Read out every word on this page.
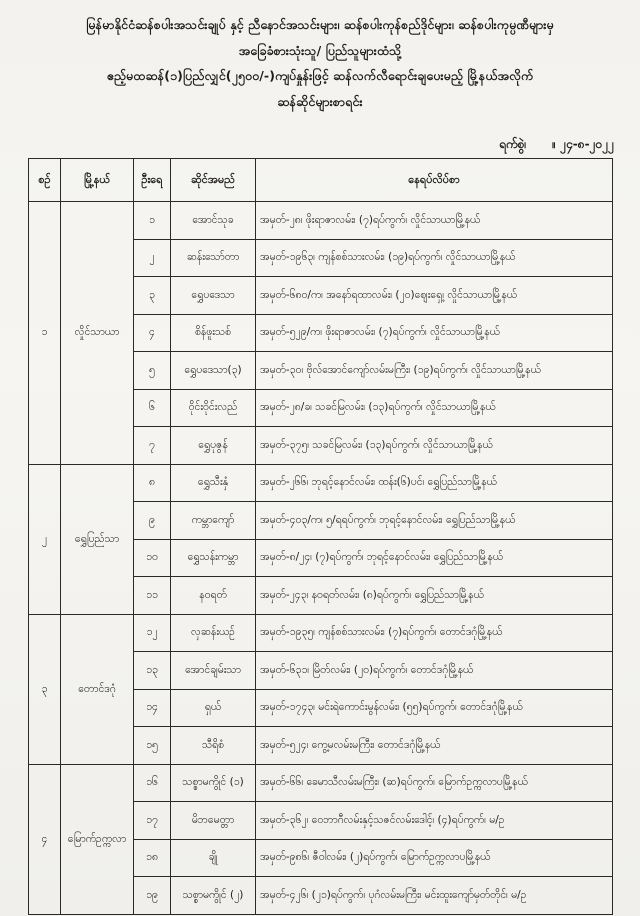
မြန်မာနိုင်ငံဆန်စပါးအသင်းချုပ် နှင့် ညီနောင်အသင်းများ၊ ဆန်စပါးကုန်စည်ဒိုင်များ၊ ဆန်စပါးကုမ္ပဏီများမှ
အခြေခံစားသုံးသူ/ ပြည်သူများထံသို့
ဧည့်မထဆန်(၁)ပြည်လျှင်(၂၅၀၀/-)ကျပ်နှုန်းဖြင့် ဆန်လက်လီရောင်းချပေးမည့် မြို့နယ်အလိုက်
ဆန်ဆိုင်များစာရင်း
ရက်စွဲ၊ ။ ၂၄-၈-၂၀၂၂
စဉ်	မြို့နယ်	ဦးရေ	ဆိုင်အမည်	နေရပ်လိပ်စာ
၁	လှိုင်သာယာ	၁	အောင်သုခ	အမှတ်-၂၈၊ ဖိုးရာဇာလမ်း၊ (၇)ရပ်ကွက်၊ လှိုင်သာယာမြို့နယ်
		၂	ဆန်းသော်တာ	အမှတ်-၁၉၆၃၊ ကျန်စစ်သားလမ်း၊ (၁၉)ရပ်ကွက်၊ လှိုင်သာယာမြို့နယ်
		၃	ရွှေပဒေသာ	အမှတ်-၆၈၀/က၊ အနော်ရထာလမ်း၊ (၂၀)ဈေးရှေ့၊ လှိုင်သာယာမြို့နယ်
		၄	စိန်ဖူးသစ်	အမှတ်-၅၂၉/က၊ ဖိုးရာဇာလမ်း၊ (၇)ရပ်ကွက်၊ လှိုင်သာယာမြို့နယ်
		၅	ရွှေပဒေသာ(၃)	အမှတ်-၃၀၊ ဗိုလ်အောင်ကျော်လမ်းမကြီး၊ (၁၉)ရပ်ကွက်၊ လှိုင်သာယာမြို့နယ်
		၆	ဝိုင်းဝိုင်းလည်	အမှတ်-၂၈/ခ၊ သခင်မြလမ်း၊ (၁၃)ရပ်ကွက်၊ လှိုင်သာယာမြို့နယ်
		၇	ရွှေပုဇွန်	အမှတ်-၃၇၅၊ သခင်မြလမ်း၊ (၁၃)ရပ်ကွက်၊ လှိုင်သာယာမြို့နယ်
၂	ရွှေပြည်သာ	၈	ရွှေသီးနှံ	အမှတ်-၂၆၆၊ ဘုရင့်နောင်လမ်း၊ ထန်း(၆)ပင်၊ ရွှေပြည်သာမြို့နယ်
		၉	ကမ္ဘာကျော်	အမှတ်-၄၀၃/က၊ ၅/ရရပ်ကွက်၊ ဘုရင့်နောင်လမ်း၊ ရွှေပြည်သာမြို့နယ်
		၁၀	ရွှေသန်းကမ္ဘာ	အမှတ်-၈/၂၄၊ (၇)ရပ်ကွက်၊ ဘုရင့်နောင်လမ်း၊ ရွှေပြည်သာမြို့နယ်
		၁၁	နဝရတ်	အမှတ်-၂၄၃၊ နဝရတ်လမ်း၊ (၈)ရပ်ကွက်၊ ရွှေပြည်သာမြို့နယ်
၃	တောင်ဒဂုံ	၁၂	လှဆန်းယဉ်	အမှတ်-၁၉၃၅၊ ကျန်စစ်သားလမ်း၊ (၇)ရပ်ကွက်၊ တောင်ဒဂုံမြို့နယ်
		၁၃	အောင်ချမ်းသာ	အမှတ်-၆၃၁၊ မြိတ်လမ်း၊ (၂၀)ရပ်ကွက်၊ တောင်ဒဂုံမြို့နယ်
		၁၄	ရှယ်	အမှတ်-၁၇၄၃၊ မင်းရဲကောင်းမွန်လမ်း၊ (၅၅)ရပ်ကွက်၊ တောင်ဒဂုံမြို့နယ်
		၁၅	သီရိစံ	အမှတ်-၅၂၄၊ ကွေ့မလမ်းမကြီး၊ တောင်ဒဂုံမြို့နယ်
၄	မြောက်ဥက္ကလာ	၁၆	သစ္စာမကွိုင် (၁)	အမှတ်-၆၆၊ ခေမာသီလမ်းမကြီး၊ (ဆ)ရပ်ကွက်၊ မြောက်ဥက္ကလာပမြို့နယ်
		၁၇	မိဘမေတ္တာ	အမှတ်-၃၆၂၊ ဝေဘာဂီလမ်းနှင့်သဇင်လမ်းဒေါင့်၊ (၄)ရပ်ကွက်၊ မ/ဥ
		၁၈	ချို	အမှတ်-၉၈၆၊ ဇီဝါလမ်း၊ (၂)ရပ်ကွက်၊ မြောက်ဥက္ကလာပမြို့နယ်
		၁၉	သစ္စာမကွိုင် (၂)	အမှတ်-၄၂၆၊ (၂၁)ရပ်ကွက်၊ ပုဂံလမ်းမကြီး၊ မင်းထူးကျော်မှတ်တိုင်၊ မ/ဥ
